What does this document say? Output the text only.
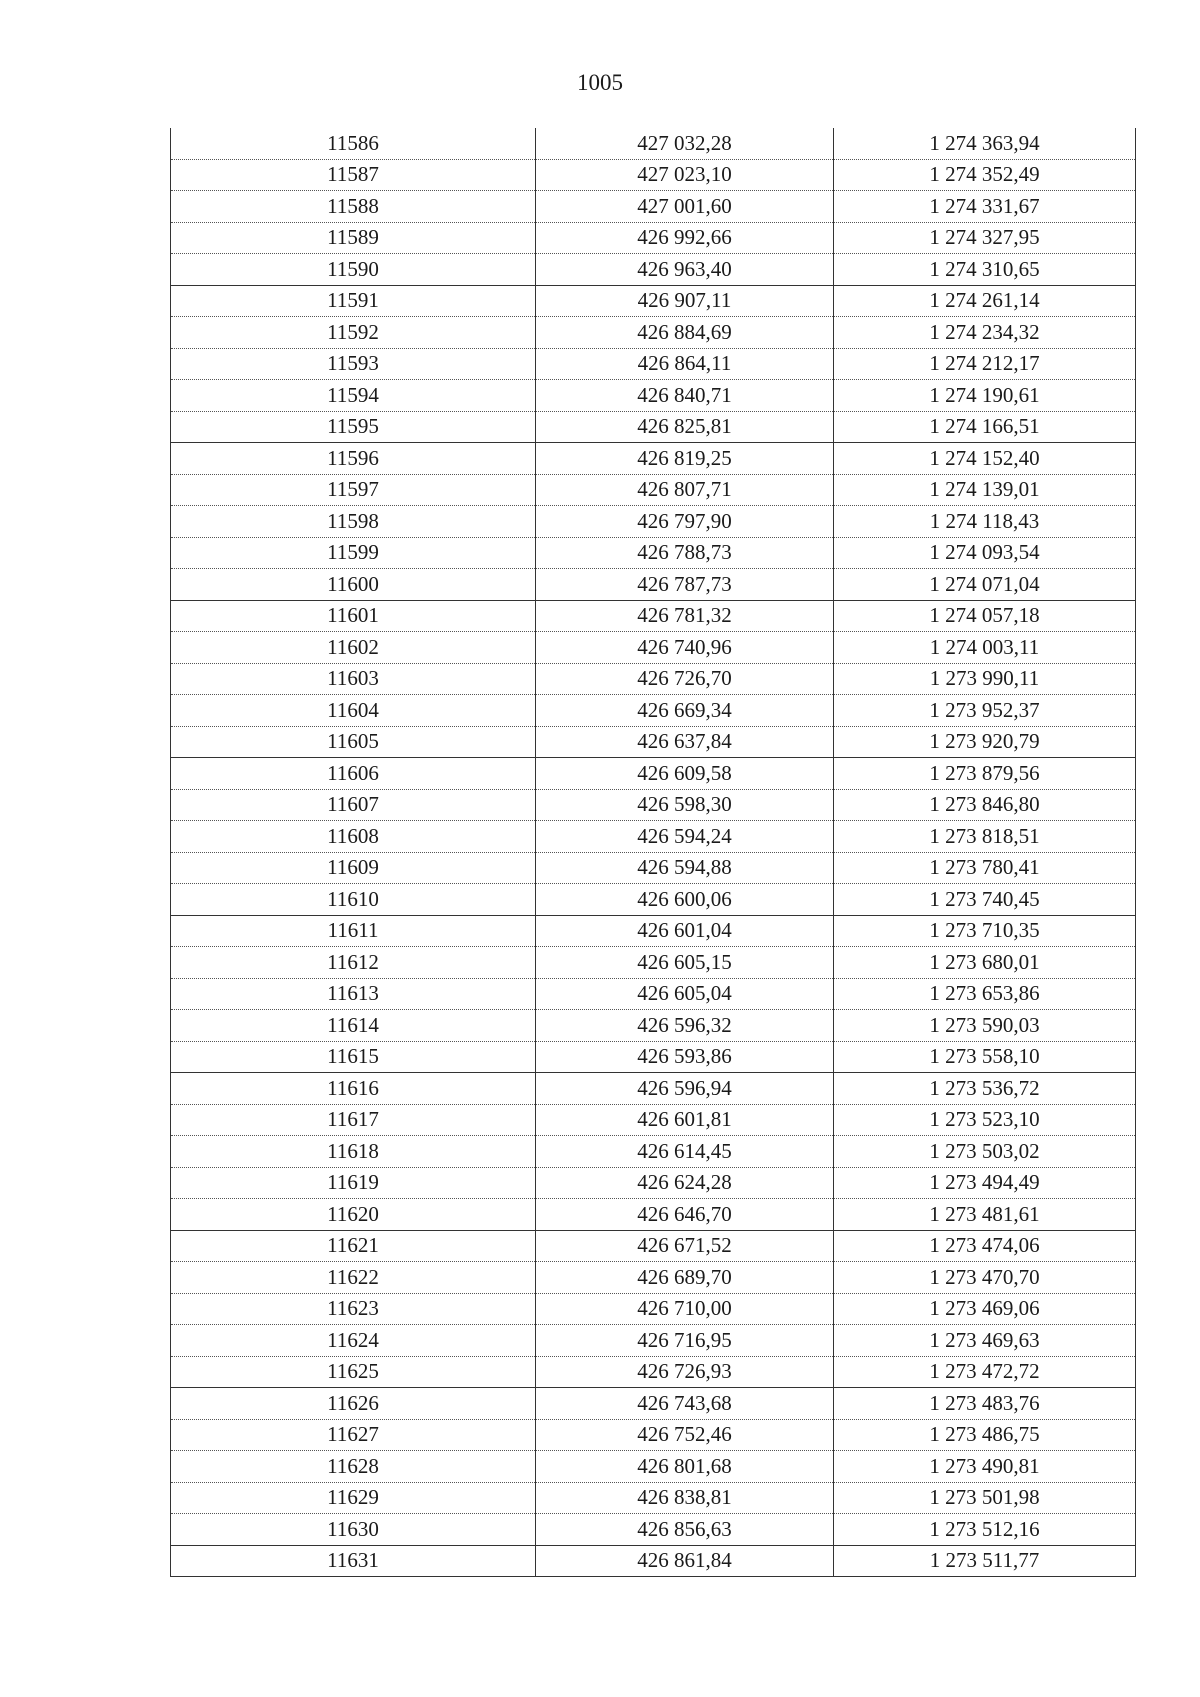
1005
11586	427 032,28	1 274 363,94
11587	427 023,10	1 274 352,49
11588	427 001,60	1 274 331,67
11589	426 992,66	1 274 327,95
11590	426 963,40	1 274 310,65
11591	426 907,11	1 274 261,14
11592	426 884,69	1 274 234,32
11593	426 864,11	1 274 212,17
11594	426 840,71	1 274 190,61
11595	426 825,81	1 274 166,51
11596	426 819,25	1 274 152,40
11597	426 807,71	1 274 139,01
11598	426 797,90	1 274 118,43
11599	426 788,73	1 274 093,54
11600	426 787,73	1 274 071,04
11601	426 781,32	1 274 057,18
11602	426 740,96	1 274 003,11
11603	426 726,70	1 273 990,11
11604	426 669,34	1 273 952,37
11605	426 637,84	1 273 920,79
11606	426 609,58	1 273 879,56
11607	426 598,30	1 273 846,80
11608	426 594,24	1 273 818,51
11609	426 594,88	1 273 780,41
11610	426 600,06	1 273 740,45
11611	426 601,04	1 273 710,35
11612	426 605,15	1 273 680,01
11613	426 605,04	1 273 653,86
11614	426 596,32	1 273 590,03
11615	426 593,86	1 273 558,10
11616	426 596,94	1 273 536,72
11617	426 601,81	1 273 523,10
11618	426 614,45	1 273 503,02
11619	426 624,28	1 273 494,49
11620	426 646,70	1 273 481,61
11621	426 671,52	1 273 474,06
11622	426 689,70	1 273 470,70
11623	426 710,00	1 273 469,06
11624	426 716,95	1 273 469,63
11625	426 726,93	1 273 472,72
11626	426 743,68	1 273 483,76
11627	426 752,46	1 273 486,75
11628	426 801,68	1 273 490,81
11629	426 838,81	1 273 501,98
11630	426 856,63	1 273 512,16
11631	426 861,84	1 273 511,77
